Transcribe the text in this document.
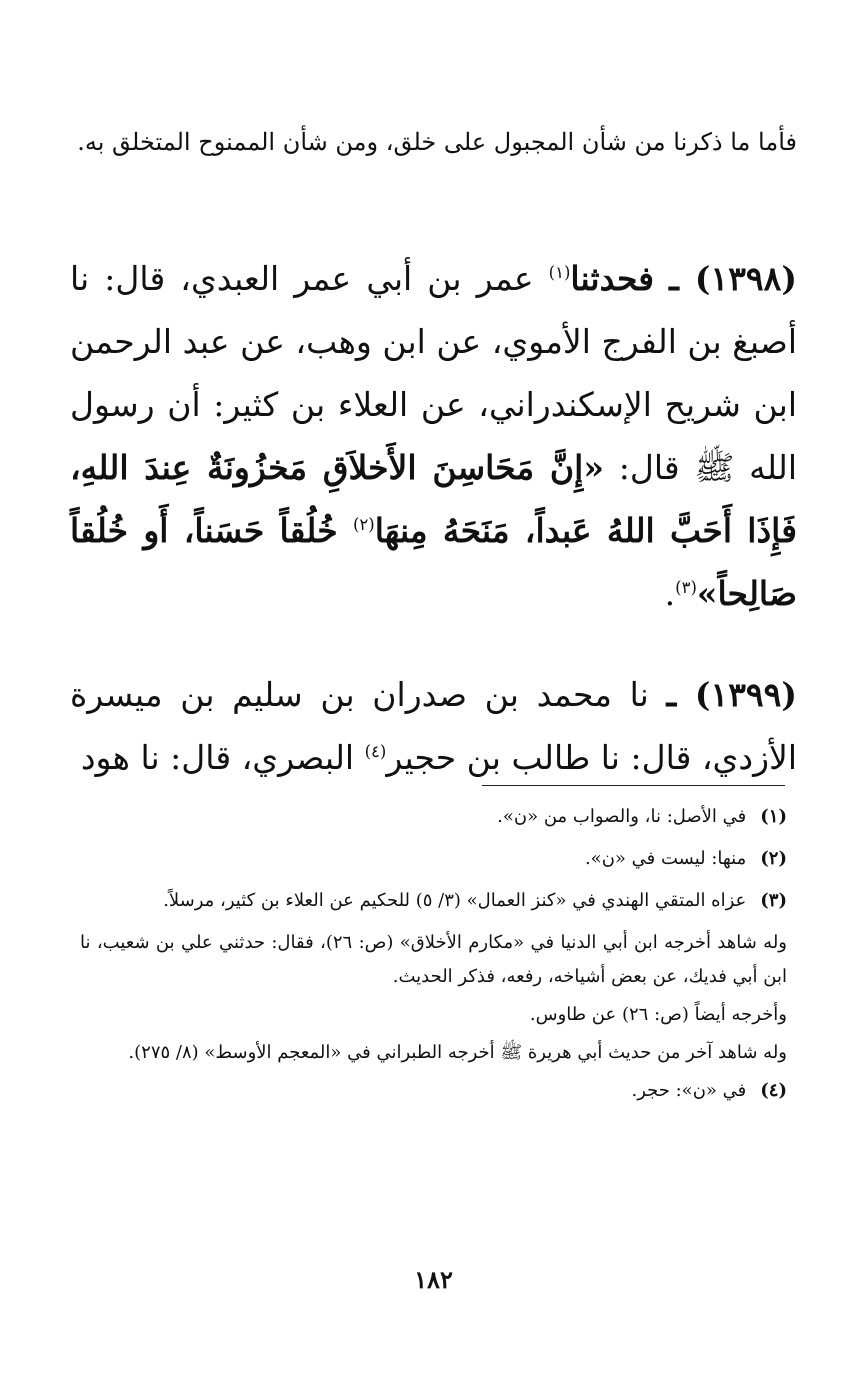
فأما ما ذكرنا من شأن المجبول على خلق، ومن شأن الممنوح المتخلق به.

(١٣٩٨) ـ فحدثنا$^{(١)}$ عمر بن أبي عمر العبدي، قال: نا أصبغ بن الفرج الأموي، عن ابن وهب، عن عبد الرحمن ابن شريح الإسكندراني، عن العلاء بن كثير: أن رسول الله ﷺ قال: «إِنَّ مَحَاسِنَ الأَخلاَقِ مَخزُونَةٌ عِندَ اللهِ، فَإِذَا أَحَبَّ اللهُ عَبداً، مَنَحَهُ مِنهَا$^{(٢)}$ خُلُقاً حَسَناً، أَو خُلُقاً صَالِحاً»$^{(٣)}$.

(١٣٩٩) ـ نا محمد بن صدران بن سليم بن ميسرة الأزدي، قال: نا طالب بن حجير$^{(٤)}$ البصري، قال: نا هود

(١)
في الأصل: نا، والصواب من «ن».
(٢)
منها: ليست في «ن».
(٣)
عزاه المتقي الهندي في «كنز العمال» (٣/ ٥) للحكيم عن العلاء بن كثير، مرسلاً.
وله شاهد أخرجه ابن أبي الدنيا في «مكارم الأخلاق» (ص: ٢٦)، فقال: حدثني علي بن شعيب، نا ابن أبي فديك، عن بعض أشياخه، رفعه، فذكر الحديث.
وأخرجه أيضاً (ص: ٢٦) عن طاوس.
وله شاهد آخر من حديث أبي هريرة ﷺ أخرجه الطبراني في «المعجم الأوسط» (٨/ ٢٧٥).
(٤)
في «ن»: حجر.
١٨٢
